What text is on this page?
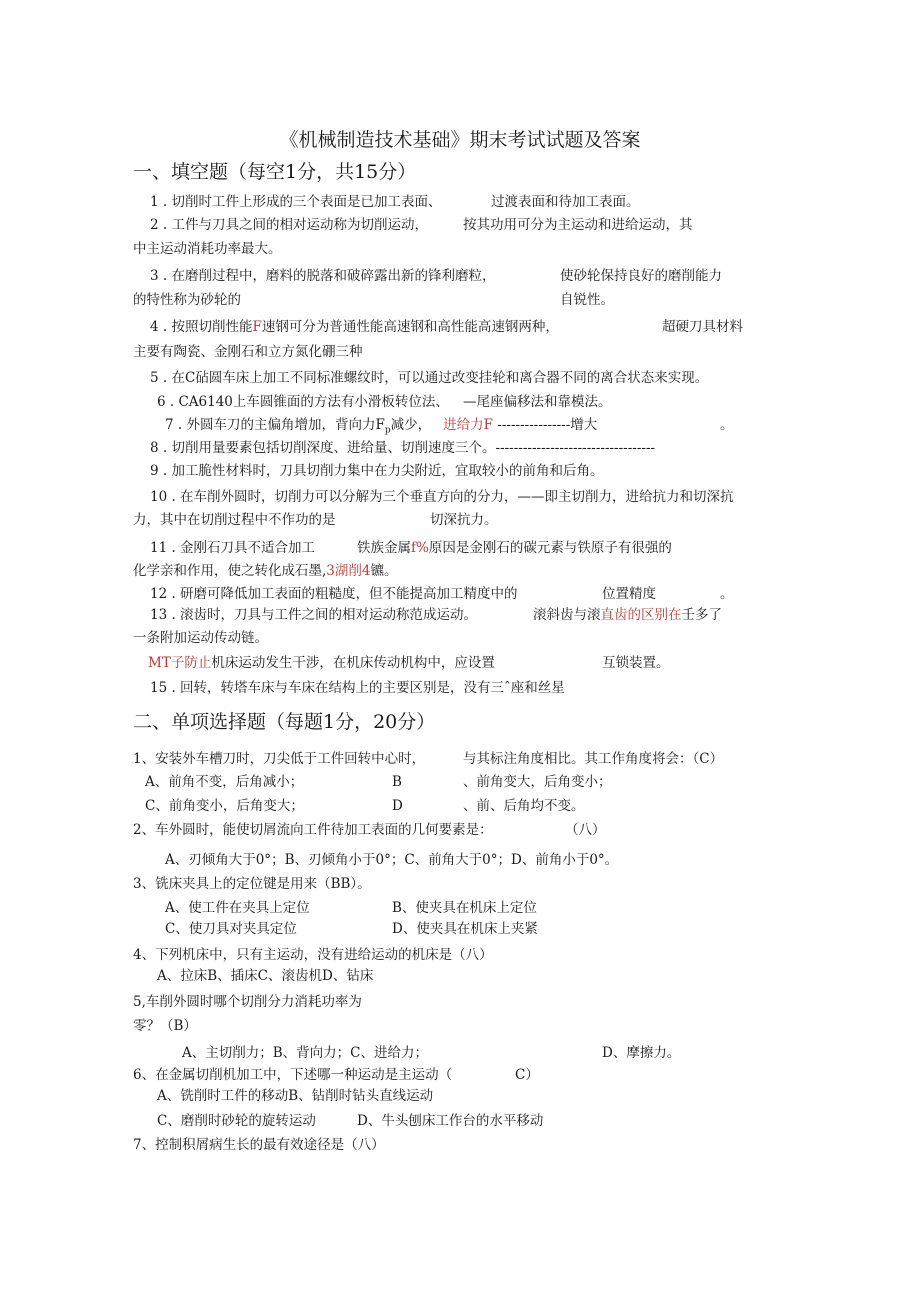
《机械制造技术基础》期末考试试题及答案
一、填空题（每空1分，共15分）
1 . 切削时工件上形成的三个表面是已加工表面、	过渡表面和待加工表面。
2 . 工件与刀具之间的相对运动称为切削运动，	按其功用可分为主运动和进给运动，其
中主运动消耗功率最大。
3 . 在磨削过程中，磨料的脱落和破碎露出新的锋利磨粒，	使砂轮保持良好的磨削能力
的特性称为砂轮的	自锐性。
4 . 按照切削性能F速钢可分为普通性能高速钢和高性能高速钢两种，	超硬刀具材料
主要有陶瓷、金刚石和立方氮化硼三种
5 . 在C砧圆车床上加工不同标准螺纹时，可以通过改变挂轮和离合器不同的离合状态来实现。
6 . CA6140上车圆锥面的方法有小滑板转位法、 —尾座偏移法和靠模法。
7 . 外圆车刀的主偏角增加，背向力$F_p$减少， 进给力F ----------------增大	。
8 . 切削用量要素包括切削深度、进给量、切削速度三个。-----------------------------------
9 . 加工脆性材料时，刀具切削力集中在力尖附近，宜取较小的前角和后角。
10 . 在车削外圆时，切削力可以分解为三个垂直方向的分力，——即主切削力，进给抗力和切深抗
力，其中在切削过程中不作功的是	切深抗力。
11 . 金刚石刀具不适合加工	铁族金属f%原因是金刚石的碳元素与铁原子有很强的
化学亲和作用，使之转化成石墨,3湖削4镳。
12 . 研磨可降低加工表面的粗糙度，但不能提高加工精度中的	位置精度	。
13 . 滚齿时，刀具与工件之间的相对运动称范成运动。	滚斜齿与滚直齿的区别在壬多了
一条附加运动传动链。
MT子防止机床运动发生干涉，在机床传动机构中，应设置	互锁装置。
15 . 回转，转塔车床与车床在结构上的主要区别是，没有三ˆ座和丝星
二、单项选择题（每题1分，20分）
1、安装外车槽刀时，刀尖低于工件回转中心时，	与其标注角度相比。其工作角度将会：（C）
A、前角不变，后角减小；	B	、前角变大，后角变小；
C、前角变小，后角变大；	D	、前、后角均不变。
2、车外圆时，能使切屑流向工件待加工表面的几何要素是：	（八）
A、刃倾角大于0°；B、刃倾角小于0°；C、前角大于0°；D、前角小于0°。
3、铣床夹具上的定位键是用来（BB）。
A、使工件在夹具上定位	B、使夹具在机床上定位
C、使刀具对夹具定位	D、使夹具在机床上夹紧
4、下列机床中，只有主运动，没有进给运动的机床是（八）
A、拉床B、插床C、滚齿机D、钻床
5,车削外圆时哪个切削分力消耗功率为
零？（B）
A、主切削力；B、背向力；C、进给力；	D、摩擦力。
6、在金属切削机加工中，下述哪一种运动是主运动（	C）
A、铣削时工件的移动B、钻削时钻头直线运动
C、磨削时砂轮的旋转运动	D、牛头刨床工作台的水平移动
7、控制积屑病生长的最有效途径是（八）
